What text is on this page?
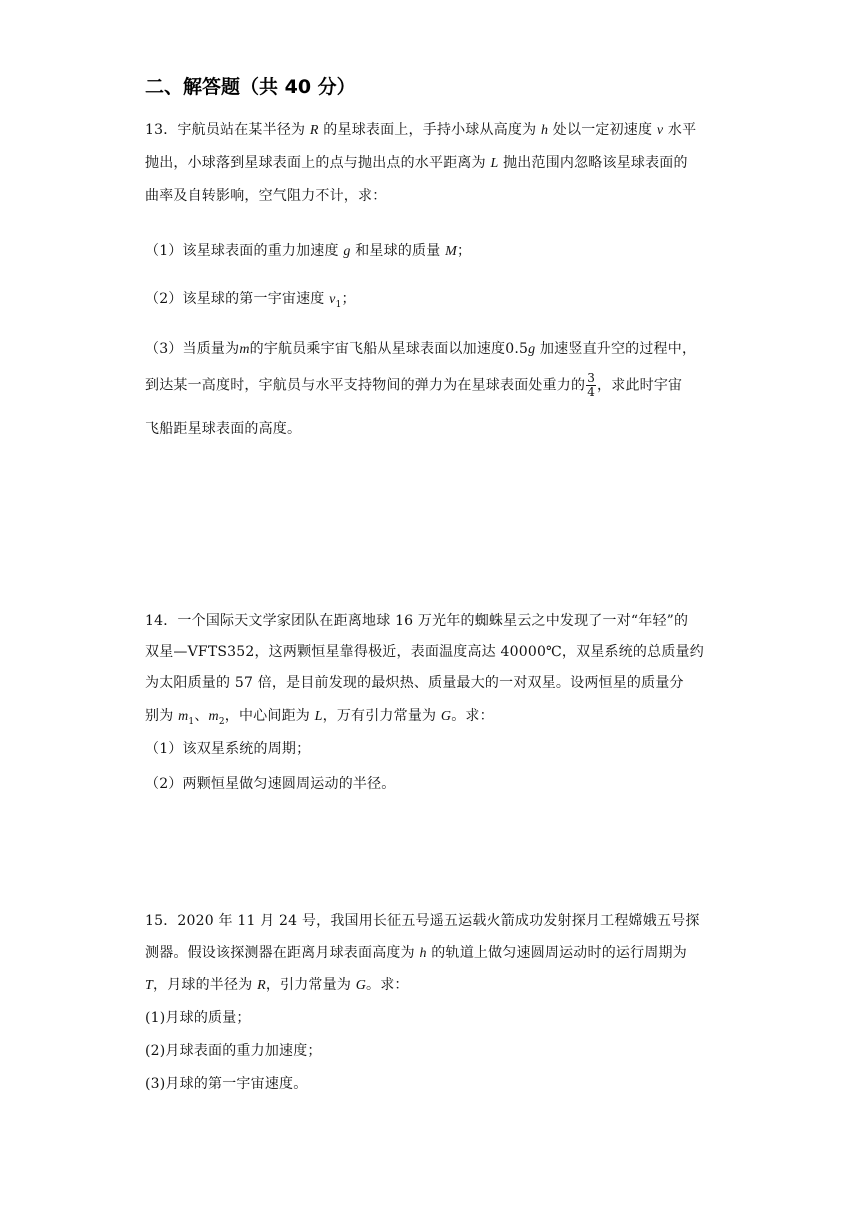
二、解答题（共 40 分）
13．宇航员站在某半径为 R 的星球表面上，手持小球从高度为 h 处以一定初速度 v 水平
抛出，小球落到星球表面上的点与抛出点的水平距离为 L 抛出范围内忽略该星球表面的
曲率及自转影响，空气阻力不计，求：
（1）该星球表面的重力加速度 g 和星球的质量 M；
（2）该星球的第一宇宙速度 $v_1$；
（3）当质量为m的宇航员乘宇宙飞船从星球表面以加速度0.5g 加速竖直升空的过程中，
到达某一高度时，宇航员与水平支持物间的弹力为在星球表面处重力的 $\frac{3}{4}$ ，求此时宇宙
飞船距星球表面的高度。
14．一个国际天文学家团队在距离地球 16 万光年的蜘蛛星云之中发现了一对“年轻”的
双星—VFTS352，这两颗恒星靠得极近，表面温度高达 40000℃，双星系统的总质量约
为太阳质量的 57 倍，是目前发现的最炽热、质量最大的一对双星。设两恒星的质量分
别为 $m_1$、$m_2$，中心间距为 L，万有引力常量为 G。求：
（1）该双星系统的周期；
（2）两颗恒星做匀速圆周运动的半径。
15．2020 年 11 月 24 号，我国用长征五号遥五运载火箭成功发射探月工程嫦娥五号探
测器。假设该探测器在距离月球表面高度为 h 的轨道上做匀速圆周运动时的运行周期为
T，月球的半径为 R，引力常量为 G。求：
(1)月球的质量；
(2)月球表面的重力加速度；
(3)月球的第一宇宙速度。
